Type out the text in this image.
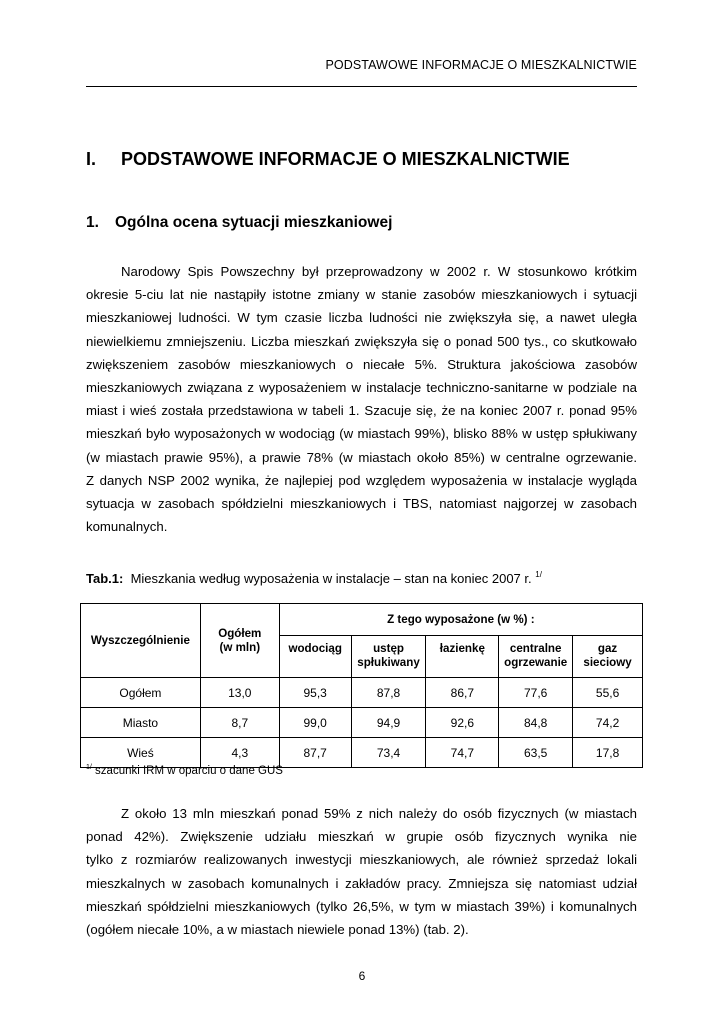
PODSTAWOWE INFORMACJE O MIESZKALNICTWIE
I. PODSTAWOWE INFORMACJE O MIESZKALNICTWIE
1. Ogólna ocena sytuacji mieszkaniowej

Narodowy Spis Powszechny był przeprowadzony w 2002 r. W stosunkowo krótkim
okresie 5-ciu lat nie nastąpiły istotne zmiany w stanie zasobów mieszkaniowych i sytuacji
mieszkaniowej ludności. W tym czasie liczba ludności nie zwiększyła się, a nawet uległa
niewielkiemu zmniejszeniu. Liczba mieszkań zwiększyła się o ponad 500 tys., co skutkowało
zwiększeniem zasobów mieszkaniowych o niecałe 5%. Struktura jakościowa zasobów
mieszkaniowych związana z wyposażeniem w instalacje techniczno-sanitarne w podziale na
miast i wieś została przedstawiona w tabeli 1. Szacuje się, że na koniec 2007 r. ponad 95%
mieszkań było wyposażonych w wodociąg (w miastach 99%), blisko 88% w ustęp spłukiwany
(w miastach prawie 95%), a prawie 78% (w miastach około 85%) w centralne ogrzewanie.
Z danych NSP 2002 wynika, że najlepiej pod względem wyposażenia w instalacje wygląda
sytuacja w zasobach spółdzielni mieszkaniowych i TBS, natomiast najgorzej w zasobach
komunalnych.

Tab.1: Mieszkania według wyposażenia w instalacje – stan na koniec 2007 r. $^{1/}$
Wyszczególnienie	Ogółem (w mln)	Z tego wyposażone (w %) :				
		wodociąg	ustęp spłukiwany	łazienkę	centralne ogrzewanie	gaz sieciowy
Ogółem	13,0	95,3	87,8	86,7	77,6	55,6
Miasto	8,7	99,0	94,9	92,6	84,8	74,2
Wieś	4,3	87,7	73,4	74,7	63,5	17,8
$^{1/}$ szacunki IRM w oparciu o dane GUS

Z około 13 mln mieszkań ponad 59% z nich należy do osób fizycznych (w miastach
ponad 42%). Zwiększenie udziału mieszkań w grupie osób fizycznych wynika nie
tylko z rozmiarów realizowanych inwestycji mieszkaniowych, ale również sprzedaż lokali
mieszkalnych w zasobach komunalnych i zakładów pracy. Zmniejsza się natomiast udział
mieszkań spółdzielni mieszkaniowych (tylko 26,5%, w tym w miastach 39%) i komunalnych
(ogółem niecałe 10%, a w miastach niewiele ponad 13%) (tab. 2).

6
